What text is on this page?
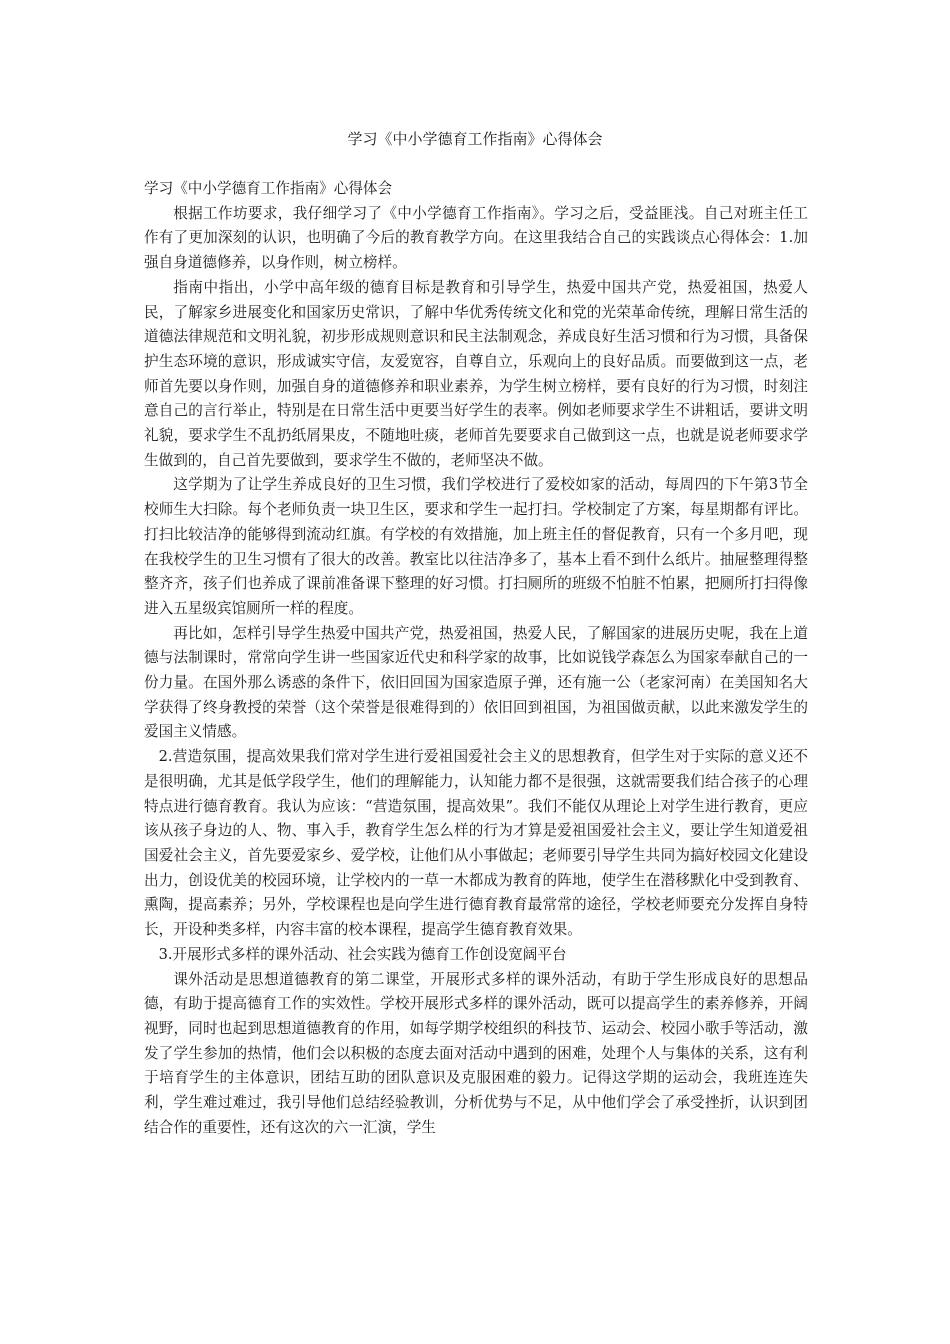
学习《中小学德育工作指南》心得体会

学习《中小学德育工作指南》心得体会

根据工作坊要求，我仔细学习了《中小学德育工作指南》。学习之后，受益匪浅。自己对班主任工作有了更加深刻的认识，也明确了今后的教育教学方向。在这里我结合自己的实践谈点心得体会：1.加强自身道德修养，以身作则，树立榜样。

指南中指出，小学中高年级的德育目标是教育和引导学生，热爱中国共产党，热爱祖国，热爱人民，了解家乡进展变化和国家历史常识，了解中华优秀传统文化和党的光荣革命传统，理解日常生活的道德法律规范和文明礼貌，初步形成规则意识和民主法制观念，养成良好生活习惯和行为习惯，具备保护生态环境的意识，形成诚实守信，友爱宽容，自尊自立，乐观向上的良好品质。而要做到这一点，老师首先要以身作则，加强自身的道德修养和职业素养，为学生树立榜样，要有良好的行为习惯，时刻注意自己的言行举止，特别是在日常生活中更要当好学生的表率。例如老师要求学生不讲粗话，要讲文明礼貌，要求学生不乱扔纸屑果皮，不随地吐痰，老师首先要要求自己做到这一点，也就是说老师要求学生做到的，自己首先要做到，要求学生不做的，老师坚决不做。

这学期为了让学生养成良好的卫生习惯，我们学校进行了爱校如家的活动，每周四的下午第3节全校师生大扫除。每个老师负责一块卫生区，要求和学生一起打扫。学校制定了方案，每星期都有评比。打扫比较洁净的能够得到流动红旗。有学校的有效措施，加上班主任的督促教育，只有一个多月吧，现在我校学生的卫生习惯有了很大的改善。教室比以往洁净多了，基本上看不到什么纸片。抽屉整理得整整齐齐，孩子们也养成了课前准备课下整理的好习惯。打扫厕所的班级不怕脏不怕累，把厕所打扫得像进入五星级宾馆厕所一样的程度。

再比如，怎样引导学生热爱中国共产党，热爱祖国，热爱人民，了解国家的进展历史呢，我在上道德与法制课时，常常向学生讲一些国家近代史和科学家的故事，比如说钱学森怎么为国家奉献自己的一份力量。在国外那么诱惑的条件下，依旧回国为国家造原子弹，还有施一公（老家河南）在美国知名大学获得了终身教授的荣誉（这个荣誉是很难得到的）依旧回到祖国，为祖国做贡献，以此来激发学生的爱国主义情感。

2.营造氛围，提高效果我们常对学生进行爱祖国爱社会主义的思想教育，但学生对于实际的意义还不是很明确，尤其是低学段学生，他们的理解能力，认知能力都不是很强，这就需要我们结合孩子的心理特点进行德育教育。我认为应该：“营造氛围，提高效果”。我们不能仅从理论上对学生进行教育，更应该从孩子身边的人、物、事入手，教育学生怎么样的行为才算是爱祖国爱社会主义，要让学生知道爱祖国爱社会主义，首先要爱家乡、爱学校，让他们从小事做起；老师要引导学生共同为搞好校园文化建设出力，创设优美的校园环境，让学校内的一草一木都成为教育的阵地，使学生在潜移默化中受到教育、熏陶，提高素养；另外，学校课程也是向学生进行德育教育最常常的途径，学校老师要充分发挥自身特长，开设种类多样，内容丰富的校本课程，提高学生德育教育效果。

3.开展形式多样的课外活动、社会实践为德育工作创设宽阔平台

课外活动是思想道德教育的第二课堂，开展形式多样的课外活动，有助于学生形成良好的思想品德，有助于提高德育工作的实效性。学校开展形式多样的课外活动，既可以提高学生的素养修养，开阔视野，同时也起到思想道德教育的作用，如每学期学校组织的科技节、运动会、校园小歌手等活动，激发了学生参加的热情，他们会以积极的态度去面对活动中遇到的困难，处理个人与集体的关系，这有利于培育学生的主体意识，团结互助的团队意识及克服困难的毅力。记得这学期的运动会，我班连连失利，学生难过难过，我引导他们总结经验教训，分析优势与不足，从中他们学会了承受挫折，认识到团结合作的重要性，还有这次的六一汇演，学生
